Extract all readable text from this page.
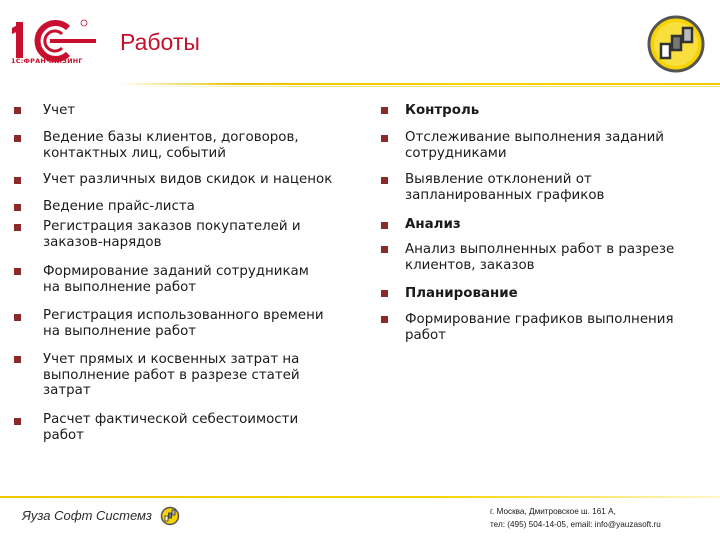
1С:ФРАНЧАЙЗИНГ
Работы
Учет
Ведение базы клиентов, договоров,
контактных лиц, событий
Учет различных видов скидок и наценок
Ведение прайс-листа
Регистрация заказов покупателей и
заказов-нарядов
Формирование заданий сотрудникам
на выполнение работ
Регистрация использованного времени
на выполнение работ
Учет прямых и косвенных затрат на
выполнение работ в разрезе статей
затрат
Расчет фактической себестоимости
работ
Контроль
Отслеживание выполнения заданий
сотрудниками
Выявление отклонений от
запланированных графиков
Анализ
Анализ выполненных работ в разрезе
клиентов, заказов
Планирование
Формирование графиков выполнения
работ
Яуза Софт Системз	г. Москва, Дмитровское ш. 161 А,
тел: (495) 504-14-05, email: info@yauzasoft.ru
